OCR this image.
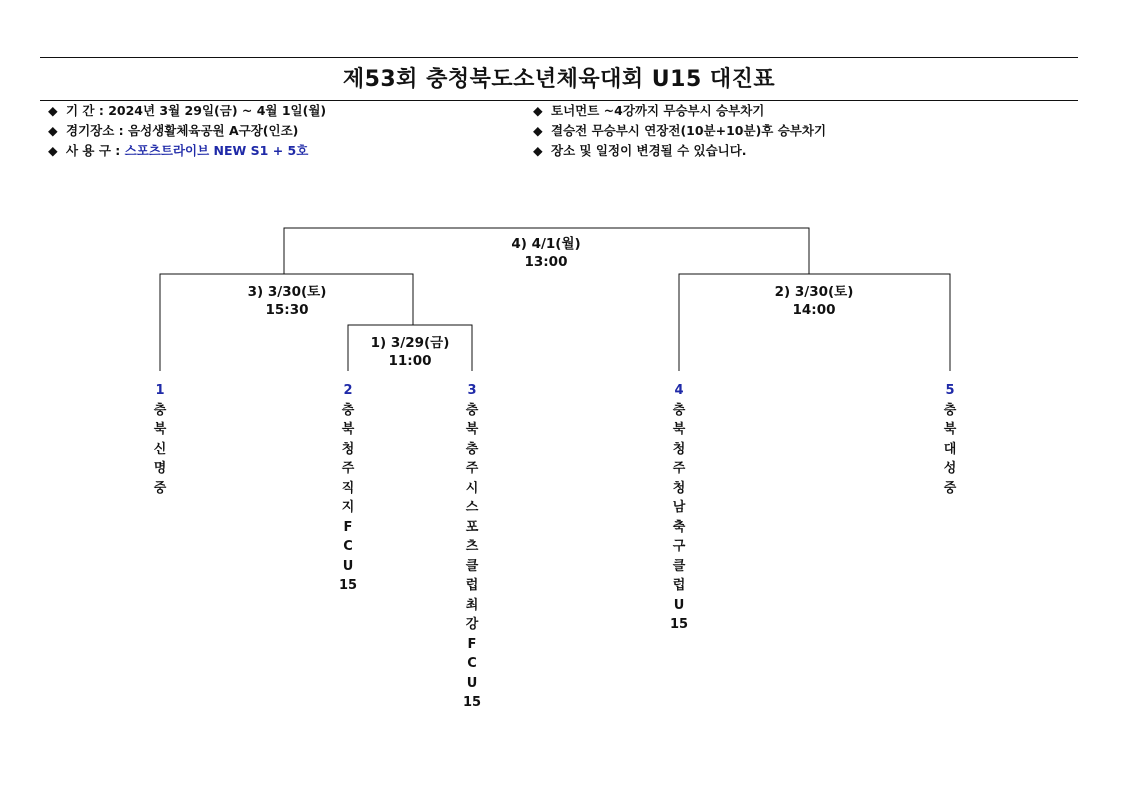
제53회 충청북도소년체육대회 U15 대진표
◆ 기 간 : 2024년 3월 29일(금) ~ 4월 1일(월)
◆ 경기장소 : 음성생활체육공원 A구장(인조)
◆ 사 용 구 : 스포츠트라이브 NEW S1 + 5호
◆ 토너먼트 ~4강까지 무승부시 승부차기
◆ 결승전 무승부시 연장전(10분+10분)후 승부차기
◆ 장소 및 일정이 변경될 수 있습니다.
4) 4/1(월)
13:00
3) 3/30(토)
15:30
2) 3/30(토)
14:00
1) 3/29(금)
11:00
1
충
북
신
명
중
2
충
북
청
주
직
지
F
C
U
15
3
충
북
충
주
시
스
포
츠
클
럽
최
강
F
C
U
15
4
충
북
청
주
청
남
축
구
클
럽
U
15
5
충
북
대
성
중
